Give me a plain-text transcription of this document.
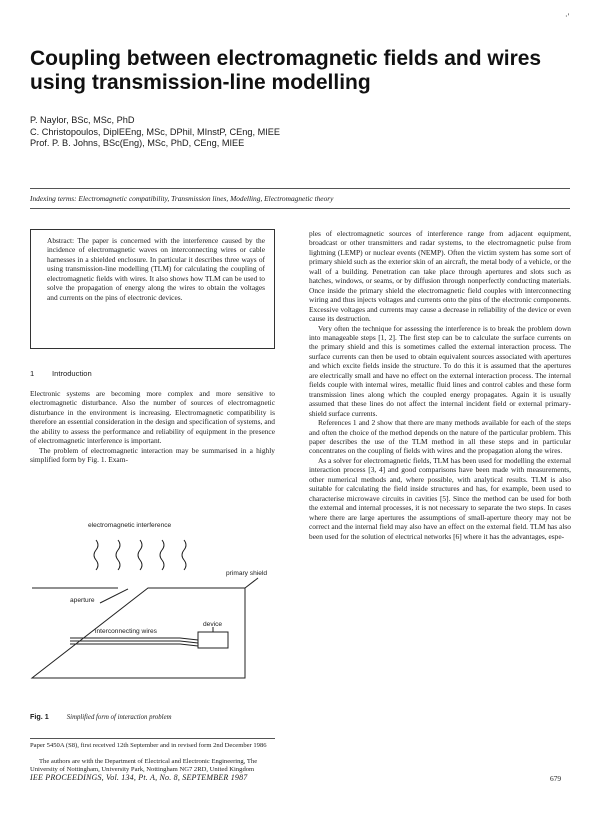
·′
Coupling between electromagnetic fields and wires
using transmission-line modelling
P. Naylor, BSc, MSc, PhD
C. Christopoulos, DiplEEng, MSc, DPhil, MInstP, CEng, MIEE
Prof. P. B. Johns, BSc(Eng), MSc, PhD, CEng, MIEE
Indexing terms: Electromagnetic compatibility, Transmission lines, Modelling, Electromagnetic theory
Abstract: The paper is concerned with the interference caused by the incidence of electromagnetic waves on interconnecting wires or cable harnesses in a shielded enclosure. In particular it describes three ways of using transmission-line modelling (TLM) for calculating the coupling of electromagnetic fields with wires. It also shows how TLM can be used to solve the propagation of energy along the wires to obtain the voltages and currents on the pins of electronic devices.
1 Introduction

Electronic systems are becoming more complex and more sensitive to electromagnetic disturbance. Also the number of sources of electromagnetic disturbance in the environment is increasing. Electromagnetic compatibility is therefore an essential consideration in the design and specification of systems, and the ability to assess the performance and reliability of equipment in the presence of electromagnetic interference is important.

The problem of electromagnetic interaction may be summarised in a highly simplified form by Fig. 1. Exam-

electromagnetic interference
primary shield
aperture
device
interconnecting wires
Fig. 1	Simplified form of interaction problem
Paper 5450A (S8), first received 12th September and in revised form 2nd December 1986
The authors are with the Department of Electrical and Electronic Engineering, The University of Nottingham, University Park, Nottingham NG7 2RD, United Kingdom

ples of electromagnetic sources of interference range from adjacent equipment, broadcast or other transmitters and radar systems, to the electromagnetic pulse from lightning (LEMP) or nuclear events (NEMP). Often the victim system has some sort of primary shield such as the exterior skin of an aircraft, the metal body of a vehicle, or the wall of a building. Penetration can take place through apertures and slots such as hatches, windows, or seams, or by diffusion through nonperfectly conducting materials. Once inside the primary shield the electromagnetic field couples with interconnecting wiring and thus injects voltages and currents onto the pins of the electronic components. Excessive voltages and currents may cause a decrease in reliability of the device or even cause its destruction.

Very often the technique for assessing the interference is to break the problem down into manageable steps [1, 2]. The first step can be to calculate the surface currents on the primary shield and this is sometimes called the external interaction process. The surface currents can then be used to obtain equivalent sources associated with apertures and which excite fields inside the structure. To do this it is assumed that the apertures are electrically small and have no effect on the external interaction process. The internal fields couple with internal wires, metallic fluid lines and control cables and these form transmission lines along which the coupled energy propagates. Again it is usually assumed that these lines do not affect the internal incident field or external primary-shield surface currents.

References 1 and 2 show that there are many methods available for each of the steps and often the choice of the method depends on the nature of the particular problem. This paper describes the use of the TLM method in all these steps and in particular concentrates on the coupling of fields with wires and the propagation along the wires.

As a solver for electromagnetic fields, TLM has been used for modelling the external interaction process [3, 4] and good comparisons have been made with measurements, other numerical methods and, where possible, with analytical results. TLM is also suitable for calculating the field inside structures and has, for example, been used to characterise microwave circuits in cavities [5]. Since the method can be used for both the external and internal processes, it is not necessary to separate the two steps. In cases where there are large apertures the assumptions of small-aperture theory may not be correct and the internal field may also have an effect on the external field. TLM has also been used for the solution of electrical networks [6] where it has the advantages, espe-

IEE PROCEEDINGS, Vol. 134, Pt. A, No. 8, SEPTEMBER 1987	679
